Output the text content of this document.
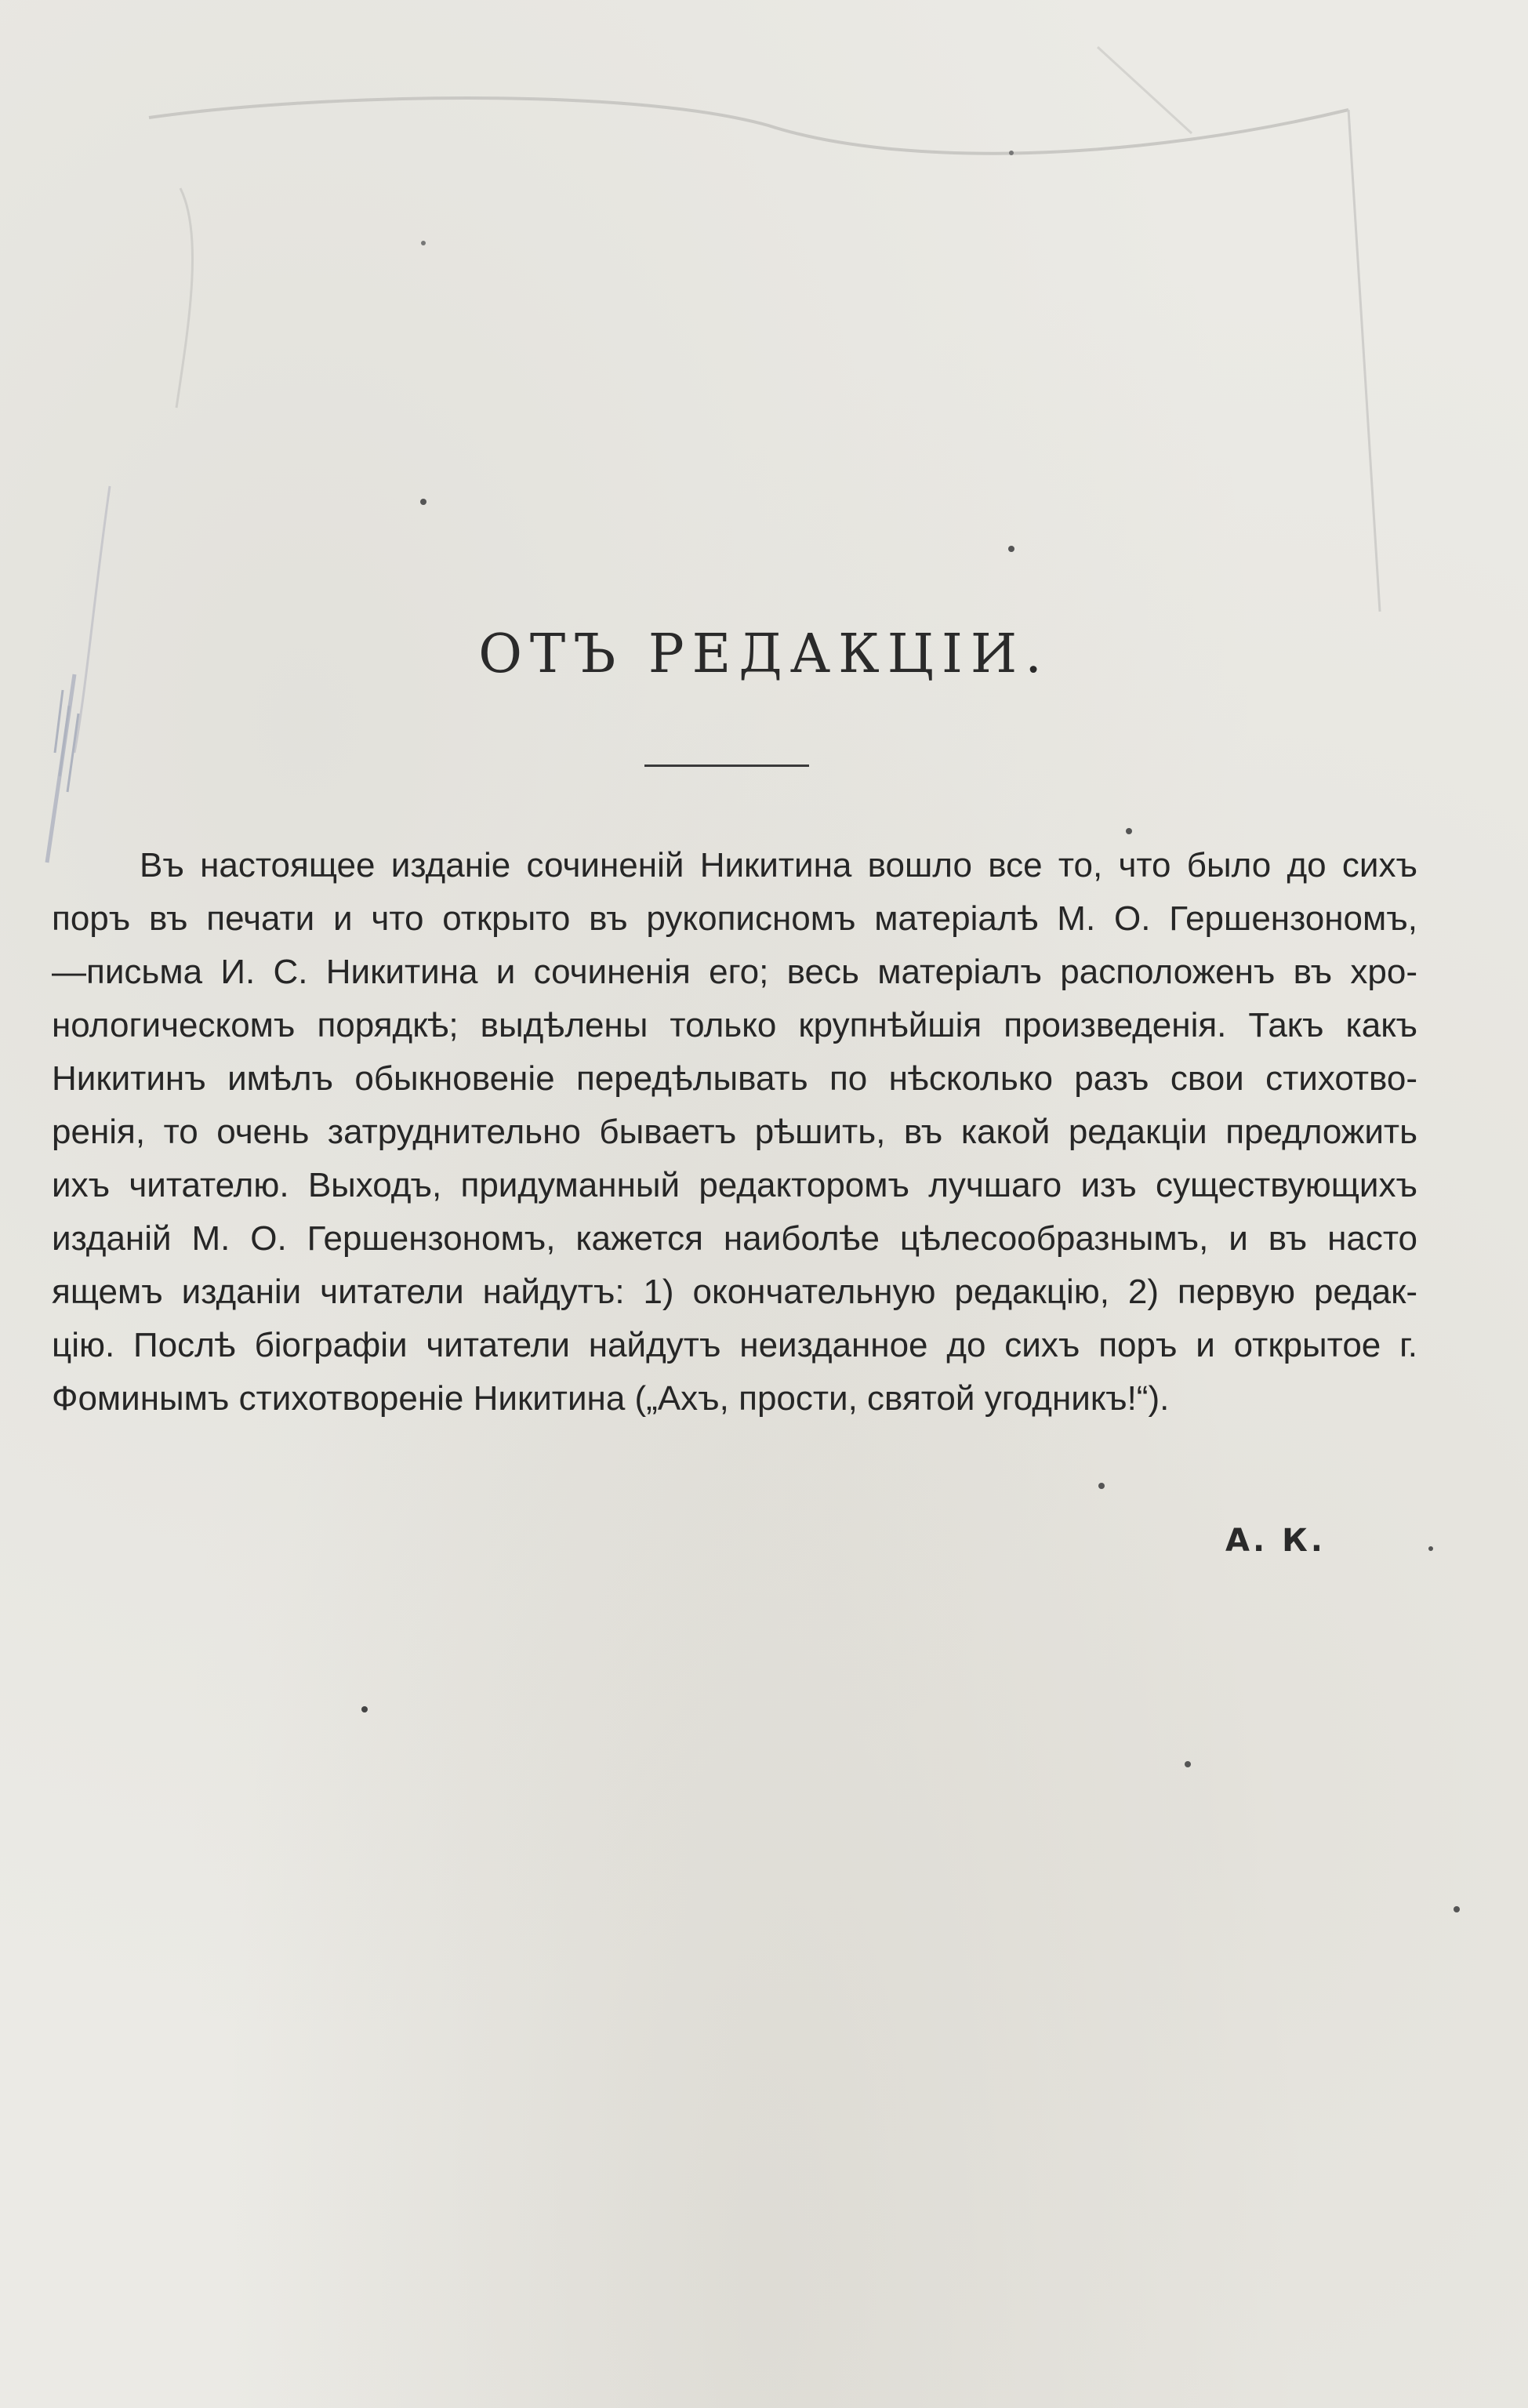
ОТЪ РЕДАКЦІИ.
Въ настоящее изданіе сочиненій Никитина вошло все то, что было до сихъ
поръ въ печати и что открыто въ рукописномъ матеріалѣ М. О. Гершензономъ,
—письма И. С. Никитина и сочиненія его; весь матеріалъ расположенъ въ хро-
нологическомъ порядкѣ; выдѣлены только крупнѣйшія произведенія. Такъ какъ
Никитинъ имѣлъ обыкновеніе передѣлывать по нѣсколько разъ свои стихотво-
ренія, то очень затруднительно бываетъ рѣшить, въ какой редакціи предложить
ихъ читателю. Выходъ, придуманный редакторомъ лучшаго изъ существующихъ
изданій М. О. Гершензономъ, кажется наиболѣе цѣлесообразнымъ, и въ насто
ящемъ изданіи читатели найдутъ: 1) окончательную редакцію, 2) первую редак-
цію. Послѣ біографіи читатели найдутъ неизданное до сихъ поръ и открытое г.
Фоминымъ стихотвореніе Никитина („Ахъ, прости, святой угодникъ!“).
А. К.
